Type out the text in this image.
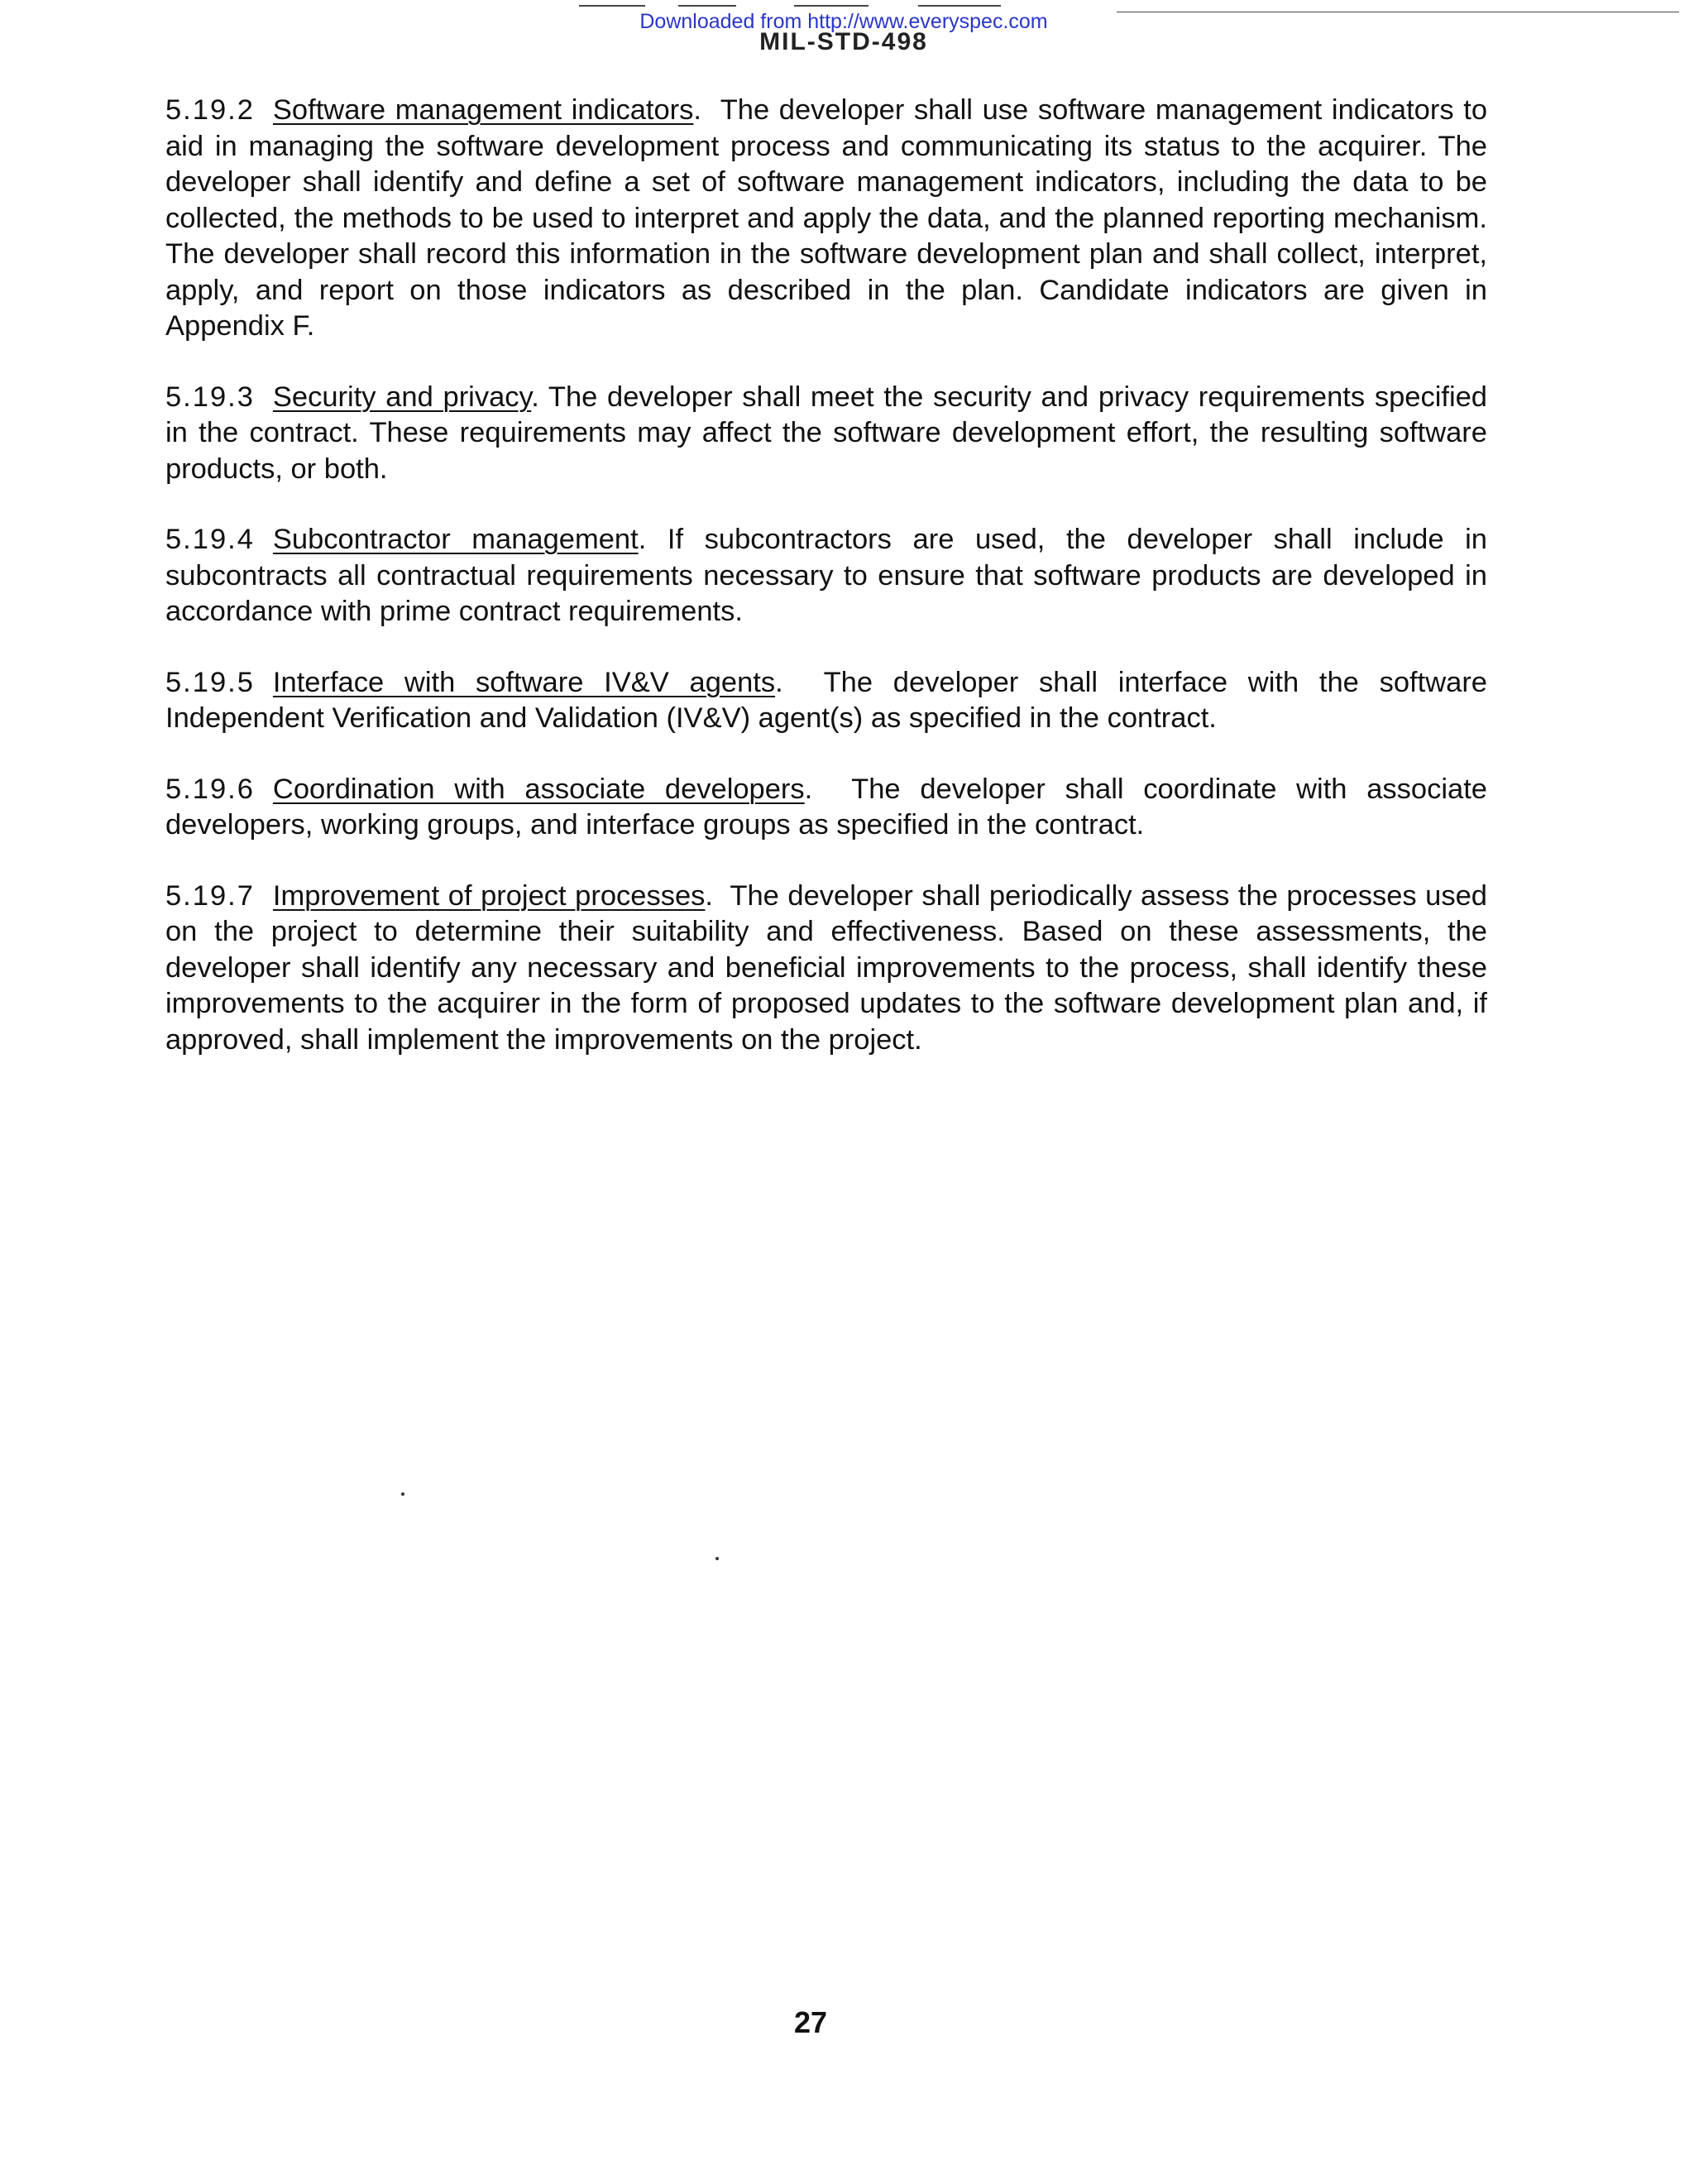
Downloaded from http://www.everyspec.com
MIL-STD-498

5.19.2 Software management indicators.  The developer shall use software management indicators to aid in managing the software development process and communicating its status to the acquirer. The developer shall identify and define a set of software management indicators, including the data to be collected, the methods to be used to interpret and apply the data, and the planned reporting mechanism. The developer shall record this information in the software development plan and shall collect, interpret, apply, and report on those indicators as described in the plan. Candidate indicators are given in Appendix F.

5.19.3 Security and privacy. The developer shall meet the security and privacy requirements specified in the contract. These requirements may affect the software development effort, the resulting software products, or both.

5.19.4 Subcontractor management. If subcontractors are used, the developer shall include in subcontracts all contractual requirements necessary to ensure that software products are developed in accordance with prime contract requirements.

5.19.5 Interface with software IV&V agents.  The developer shall interface with the software Independent Verification and Validation (IV&V) agent(s) as specified in the contract.

5.19.6 Coordination with associate developers.  The developer shall coordinate with associate developers, working groups, and interface groups as specified in the contract.

5.19.7 Improvement of project processes.  The developer shall periodically assess the processes used on the project to determine their suitability and effectiveness. Based on these assessments, the developer shall identify any necessary and beneficial improvements to the process, shall identify these improvements to the acquirer in the form of proposed updates to the software development plan and, if approved, shall implement the improvements on the project.

27
